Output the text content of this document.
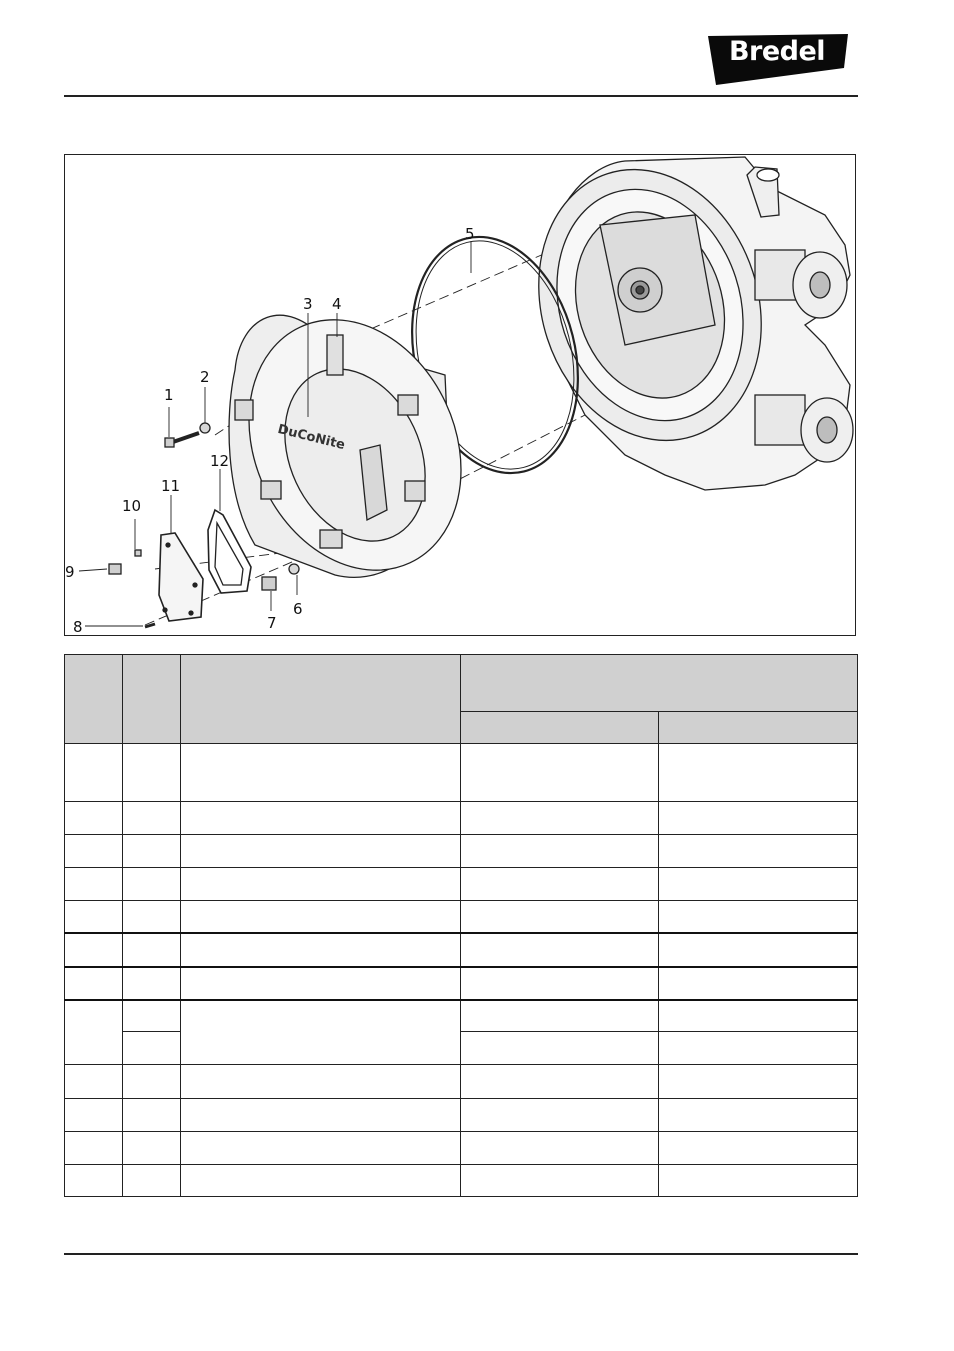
Bredel
DuCoNite
1
2
3 4
5
6
7
8
9
10
11
12
